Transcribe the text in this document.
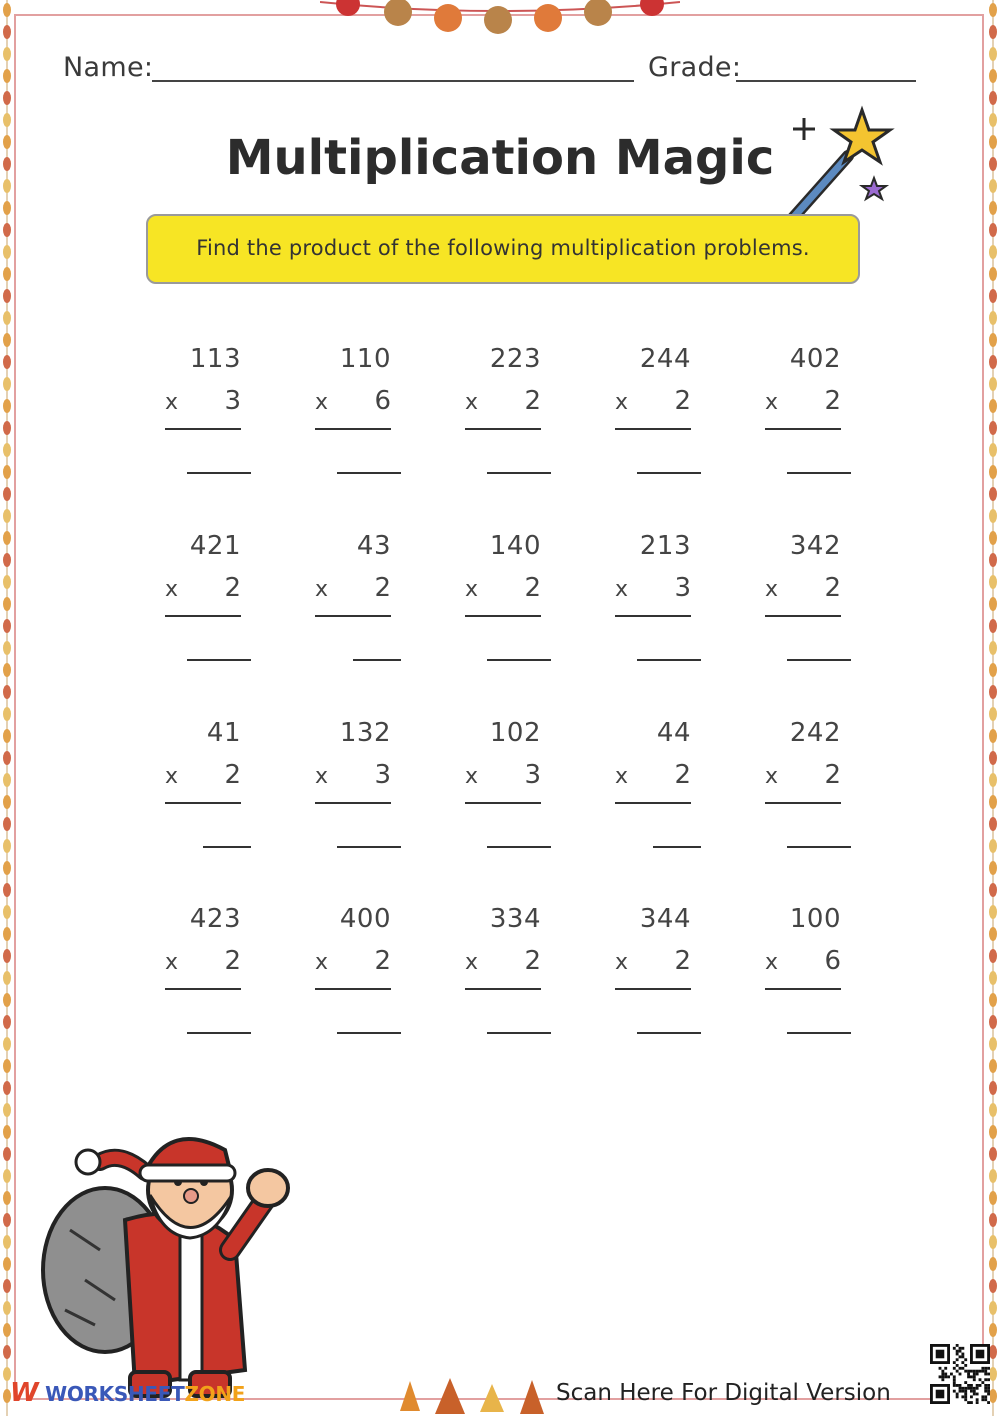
Name:	Grade:
Multiplication Magic
Find the product of the following multiplication problems.
113
x 3
110
x 6
223
x 2
244
x 2
402
x 2
421
x 2
43
x 2
140
x 2
213
x 3
342
x 2
41
x 2
132
x 3
102
x 3
44
x 2
242
x 2
423
x 2
400
x 2
334
x 2
344
x 2
100
x 6
W WORKSHEETZONE	Scan Here For Digital Version
